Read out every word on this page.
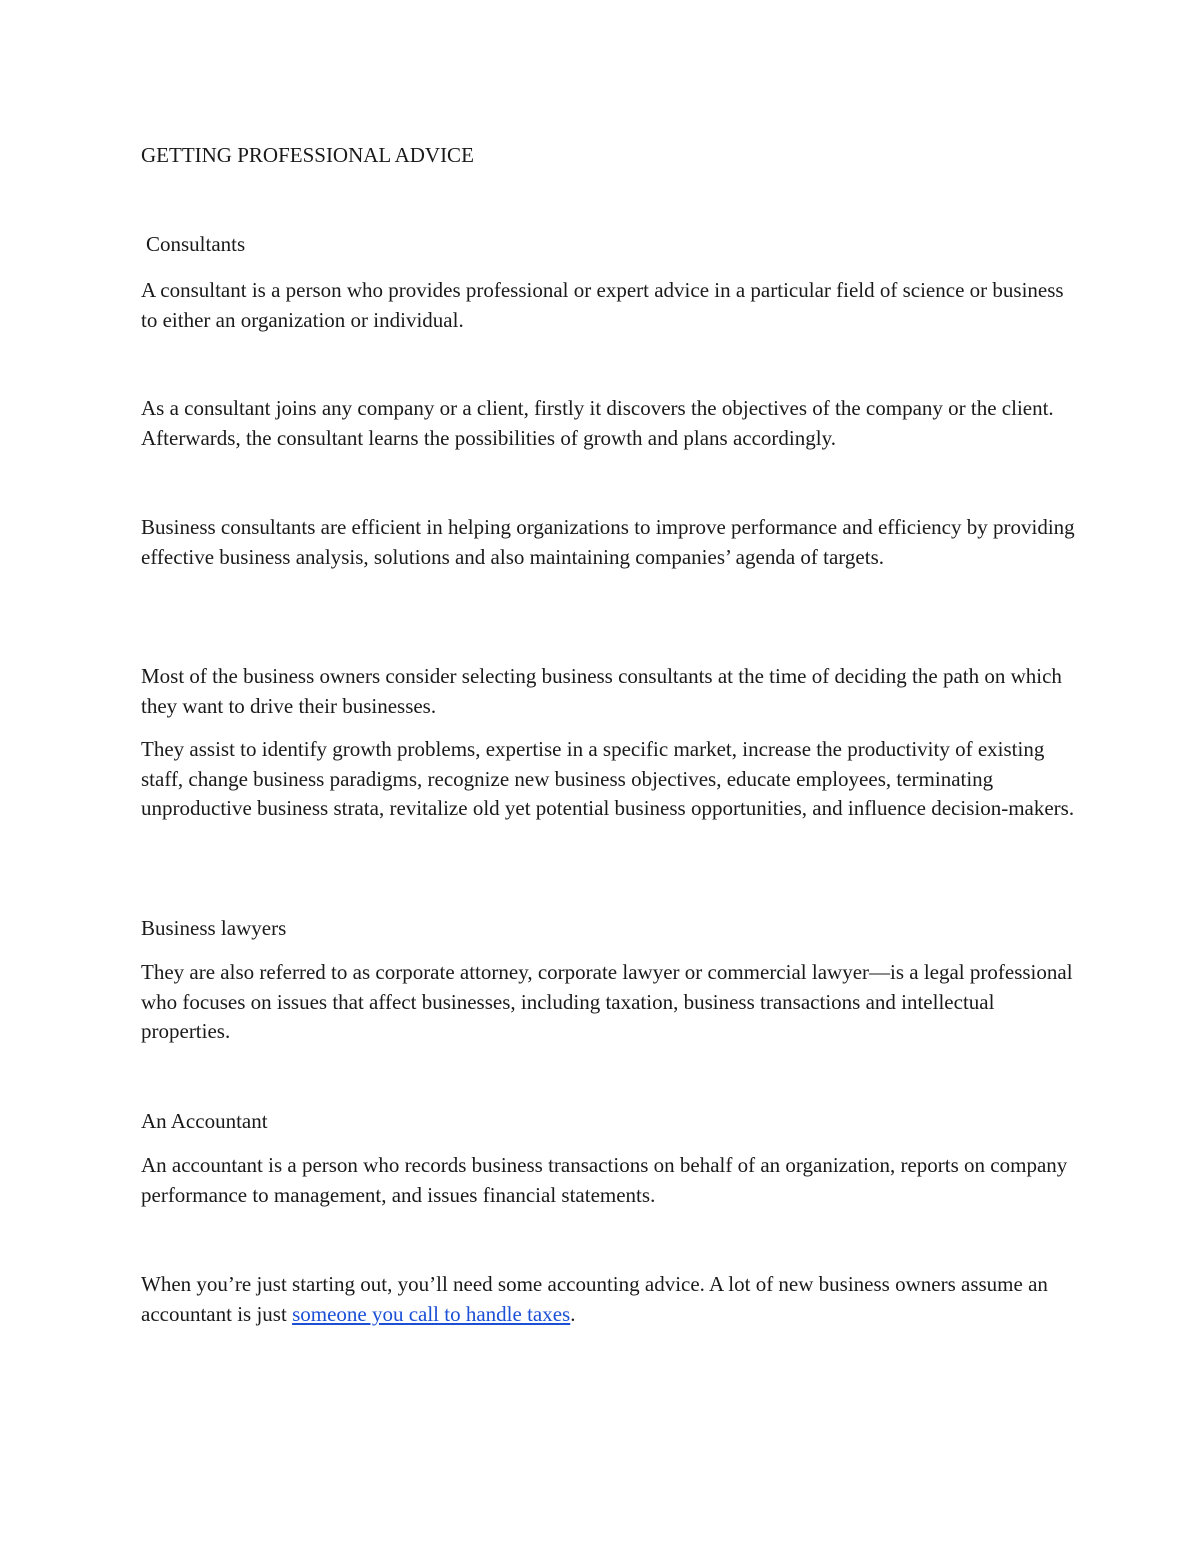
GETTING PROFESSIONAL ADVICE

Consultants

A consultant is a person who provides professional or expert advice in a particular field of science or business to either an organization or individual.

As a consultant joins any company or a client, firstly it discovers the objectives of the company or the client. Afterwards, the consultant learns the possibilities of growth and plans accordingly.

Business consultants are efficient in helping organizations to improve performance and efficiency by providing effective business analysis, solutions and also maintaining companies’ agenda of targets.

Most of the business owners consider selecting business consultants at the time of deciding the path on which they want to drive their businesses.

They assist to identify growth problems, expertise in a specific market, increase the productivity of existing staff, change business paradigms, recognize new business objectives, educate employees, terminating unproductive business strata, revitalize old yet potential business opportunities, and influence decision-makers.

Business lawyers

They are also referred to as corporate attorney, corporate lawyer or commercial lawyer—is a legal professional who focuses on issues that affect businesses, including taxation, business transactions and intellectual properties.

An Accountant

An accountant is a person who records business transactions on behalf of an organization, reports on company performance to management, and issues financial statements.

When you’re just starting out, you’ll need some accounting advice. A lot of new business owners assume an accountant is just someone you call to handle taxes.
